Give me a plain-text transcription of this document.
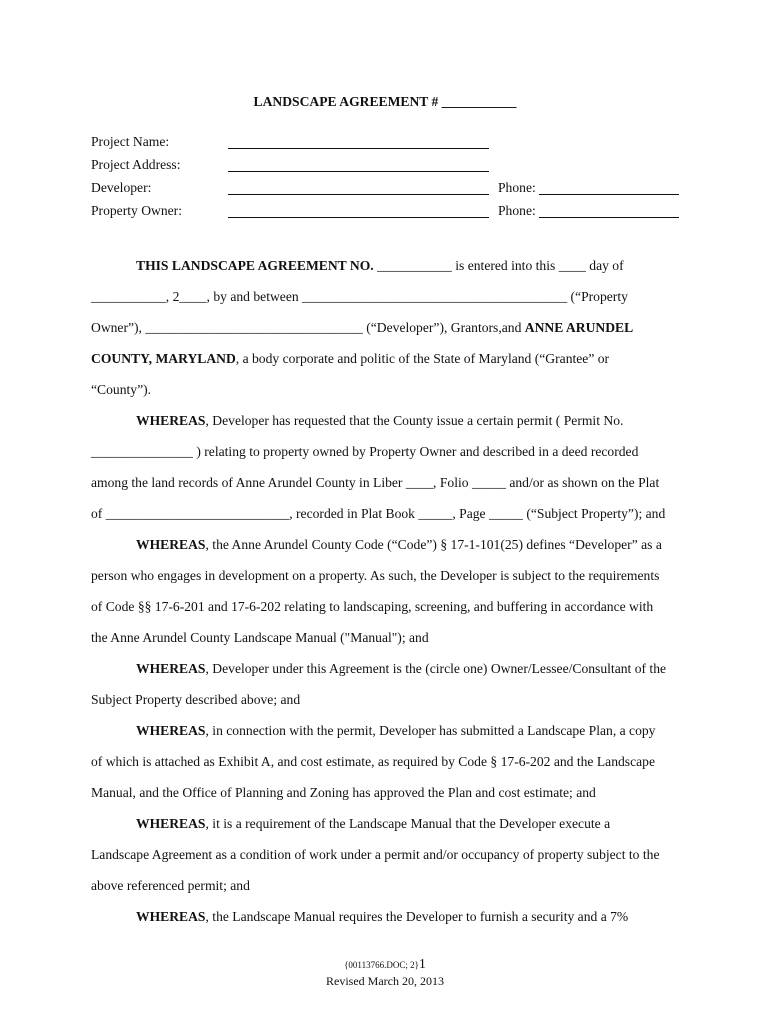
LANDSCAPE AGREEMENT # ___________
Project Name:
Project Address:
Developer:	Phone:
Property Owner:	Phone:
THIS LANDSCAPE AGREEMENT NO. ___________ is entered into this ____ day of
___________, 2____, by and between _______________________________________ (“Property
Owner”), ________________________________ (“Developer”), Grantors,and ANNE ARUNDEL
COUNTY, MARYLAND, a body corporate and politic of the State of Maryland (“Grantee” or
“County”).
WHEREAS, Developer has requested that the County issue a certain permit ( Permit No.
_______________ ) relating to property owned by Property Owner and described in a deed recorded
among the land records of Anne Arundel County in Liber ____, Folio _____ and/or as shown on the Plat
of ___________________________, recorded in Plat Book _____, Page _____ (“Subject Property”); and
WHEREAS, the Anne Arundel County Code (“Code”) § 17-1-101(25) defines “Developer” as a
person who engages in development on a property. As such, the Developer is subject to the requirements
of Code §§ 17-6-201 and 17-6-202 relating to landscaping, screening, and buffering in accordance with
the Anne Arundel County Landscape Manual ("Manual"); and
WHEREAS, Developer under this Agreement is the (circle one) Owner/Lessee/Consultant of the
Subject Property described above; and
WHEREAS, in connection with the permit, Developer has submitted a Landscape Plan, a copy
of which is attached as Exhibit A, and cost estimate, as required by Code § 17-6-202 and the Landscape
Manual, and the Office of Planning and Zoning has approved the Plan and cost estimate; and
WHEREAS, it is a requirement of the Landscape Manual that the Developer execute a
Landscape Agreement as a condition of work under a permit and/or occupancy of property subject to the
above referenced permit; and
WHEREAS, the Landscape Manual requires the Developer to furnish a security and a 7%
{00113766.DOC; 2}1
Revised March 20, 2013
